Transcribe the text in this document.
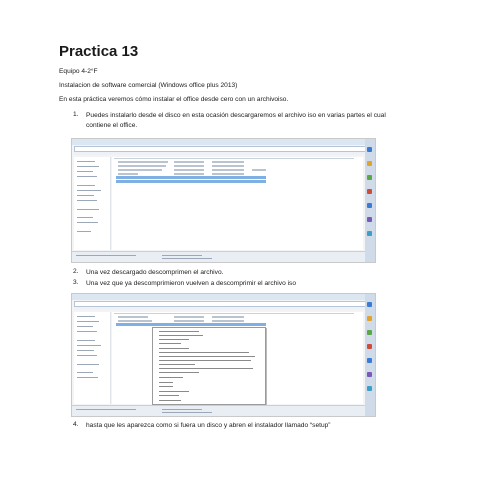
Practica 13
Equipo 4-2°F
Instalacion de software comercial (Windows office plus 2013)
En esta práctica veremos cómo instalar el office desde cero con un archivoiso.
1. Puedes instalarlo desde el disco en esta ocasión descargaremos el archivo iso en varias partes el cual contiene el office.
2. Una vez descargado descomprimen el archivo.
3. Una vez que ya descomprimieron vuelven a descomprimir el archivo iso
4. hasta que les aparezca como si fuera un disco y abren el instalador llamado “setup”
